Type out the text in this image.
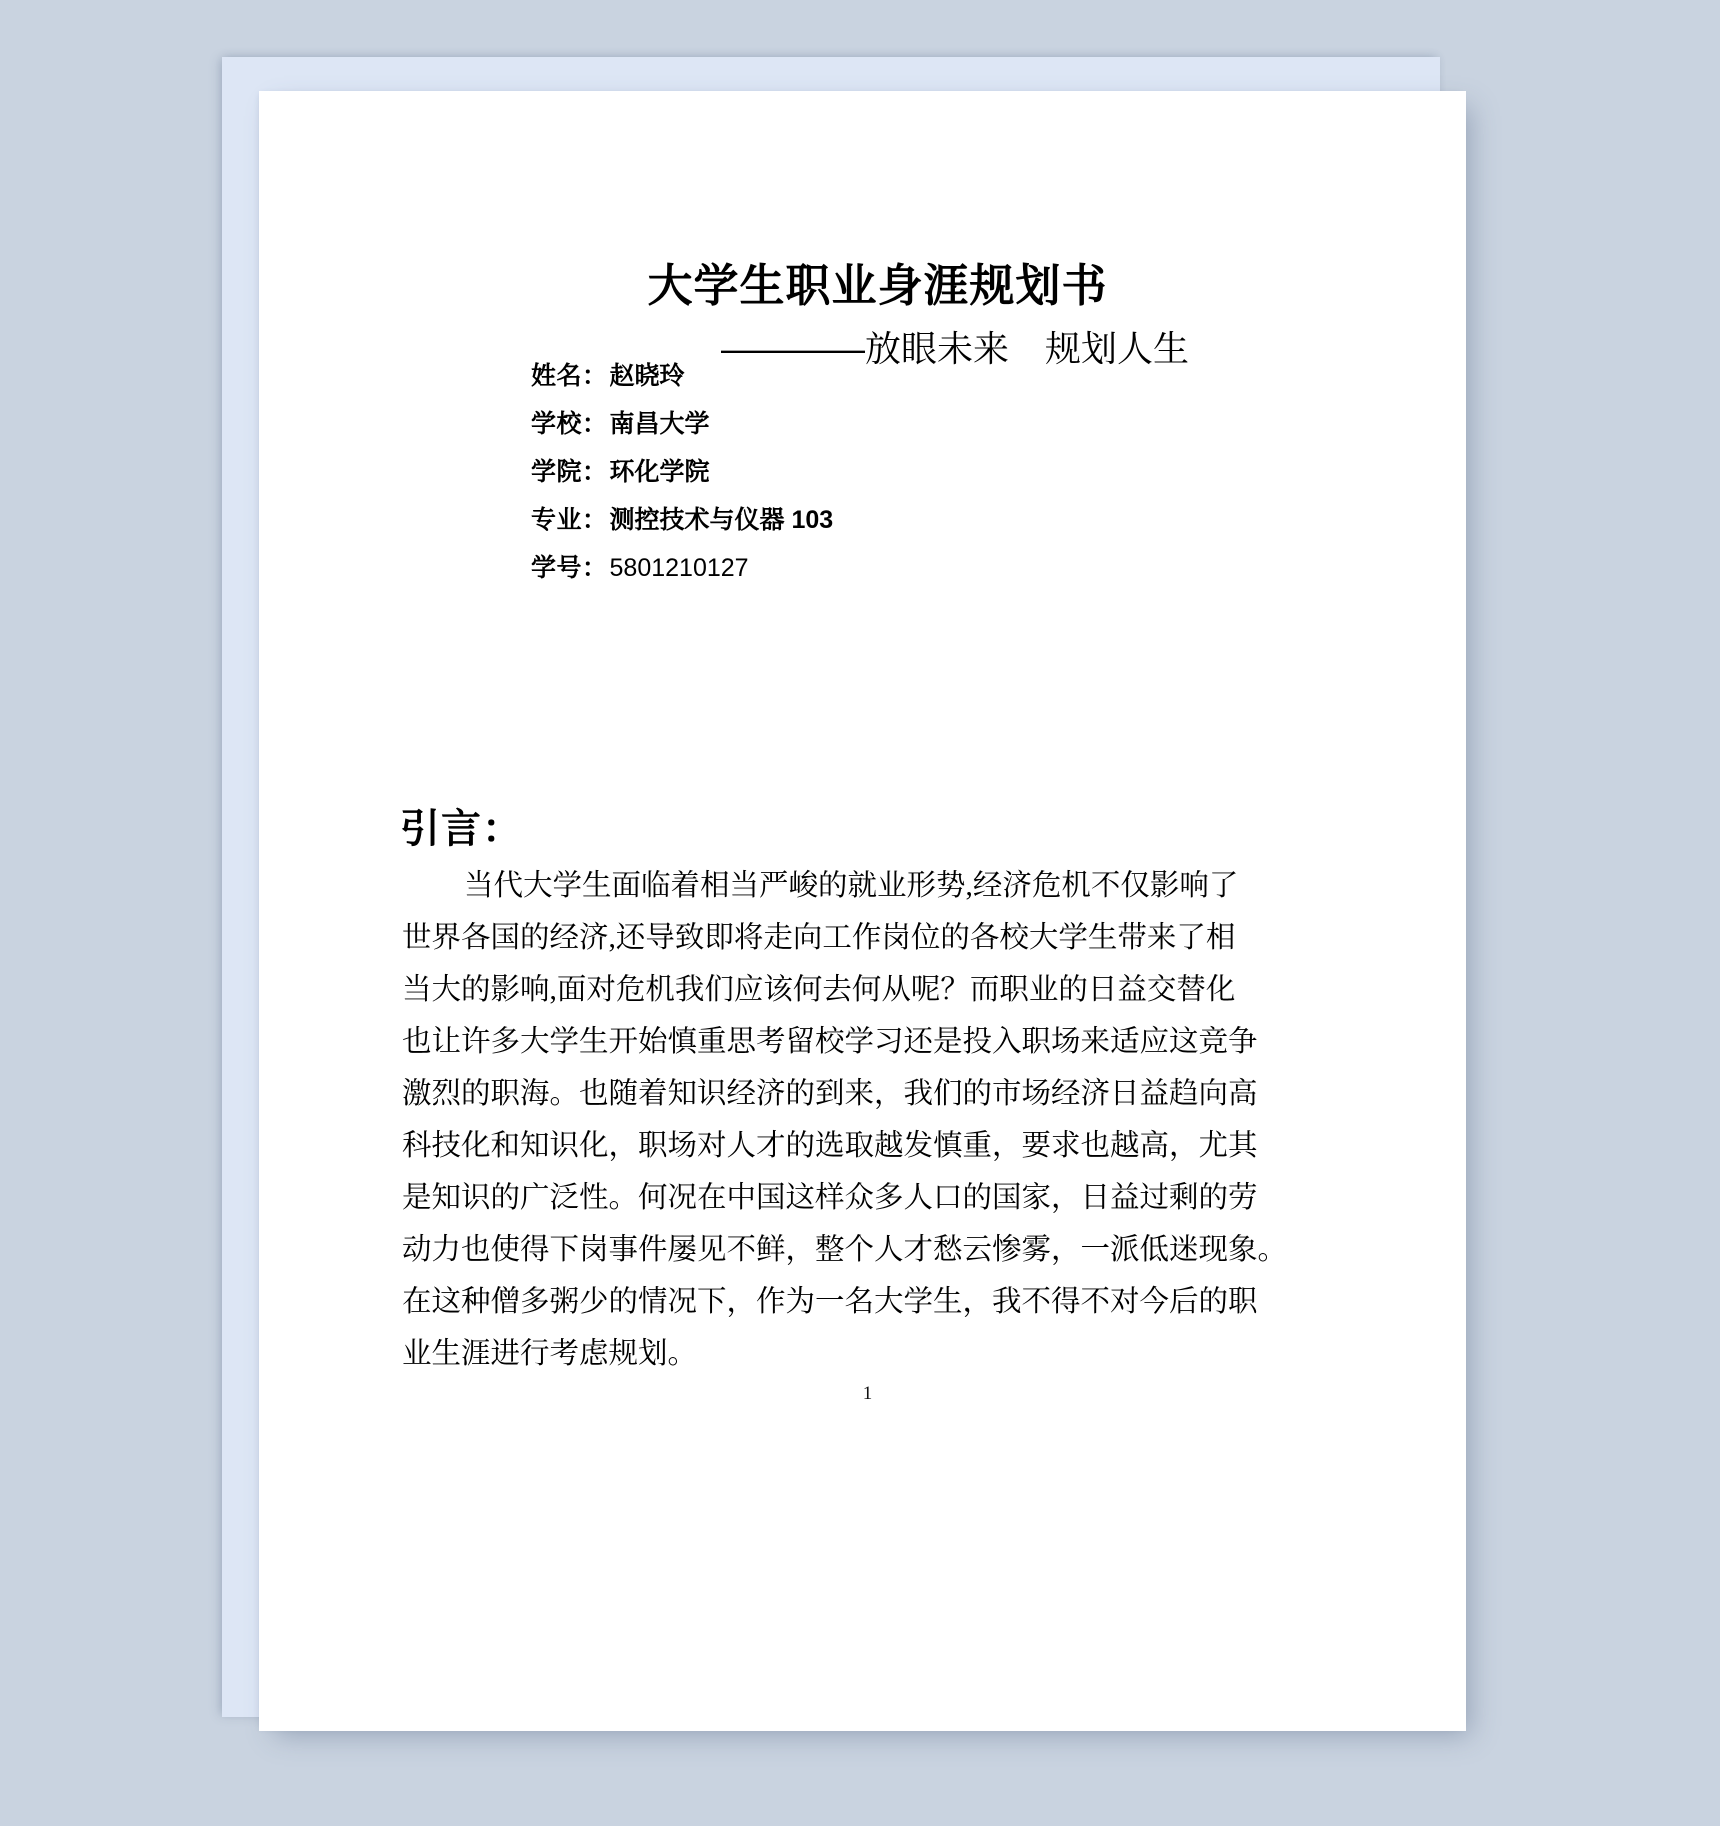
大学生职业身涯规划书
————放眼未来　规划人生
姓名： 赵晓玲
学校： 南昌大学
学院： 环化学院
专业： 测控技术与仪器 103
学号： 5801210127
引言：
当代大学生面临着相当严峻的就业形势,经济危机不仅影响了
世界各国的经济,还导致即将走向工作岗位的各校大学生带来了相
当大的影响,面对危机我们应该何去何从呢？而职业的日益交替化
也让许多大学生开始慎重思考留校学习还是投入职场来适应这竞争
激烈的职海。也随着知识经济的到来，我们的市场经济日益趋向高
科技化和知识化，职场对人才的选取越发慎重，要求也越高，尤其
是知识的广泛性。何况在中国这样众多人口的国家，日益过剩的劳
动力也使得下岗事件屡见不鲜，整个人才愁云惨雾，一派低迷现象。
在这种僧多粥少的情况下，作为一名大学生，我不得不对今后的职
业生涯进行考虑规划。
1
